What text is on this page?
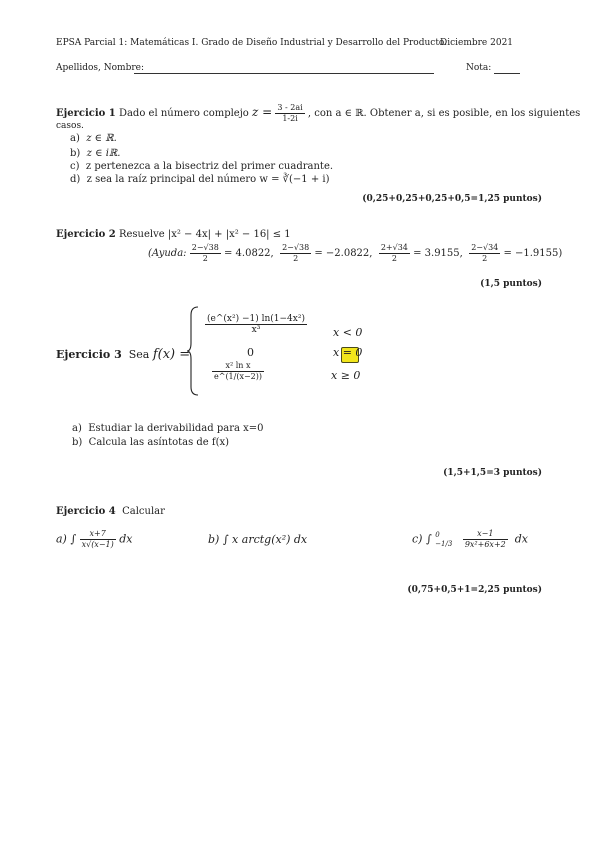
EPSA Parcial 1: Matemáticas I. Grado de Diseño Industrial y Desarrollo del Producto.
Diciembre 2021
Apellidos, Nombre:	Nota:
Ejercicio 1 Dado el número complejo $z = \frac{3 - 2ai}{1-2i}$ , con a ∈ ℝ. Obtener a, si es posible, en los siguientes
casos.
a) z ∈ ℝ.
b) z ∈ iℝ.
c) z pertenezca a la bisectriz del primer cuadrante.
d) z sea la raíz principal del número w = ∛(−1 + i)
(0,25+0,25+0,25+0,5=1,25 puntos)
Ejercicio 2 Resuelve |x² − 4x| + |x² − 16| ≤ 1
(Ayuda: $\frac{2-√38}{2} = 4.0822$, $\frac{2-√38}{2} = -2.0822$, $\frac{2+√34}{2} = 3.9155$, $\frac{2-√34}{2} = -1.9155$)
(1,5 puntos)
Ejercicio 3 Sea f(x) =
$\frac{\text{(e\textasciicircum{}(x²) −1) ln(1−4x²)}}{\text{x³}}$ x < 0
0	x = 0
$\frac{\text{x² ln x}}{e\^{}(1/(x-2))}$	x ≥ 0
a) Estudiar la derivabilidad para x=0
b) Calcula las asíntotas de f(x)
(1,5+1,5=3 puntos)
Ejercicio 4 Calcular
a) ∫ $\frac{x+7}{x√(x-1)}$ dx	b) ∫ x arctg(x²) dx	c) ∫ 0
−1/3
$\frac{x-1}{\text{9x²+6x+2}}$ dx
(0,75+0,5+1=2,25 puntos)
